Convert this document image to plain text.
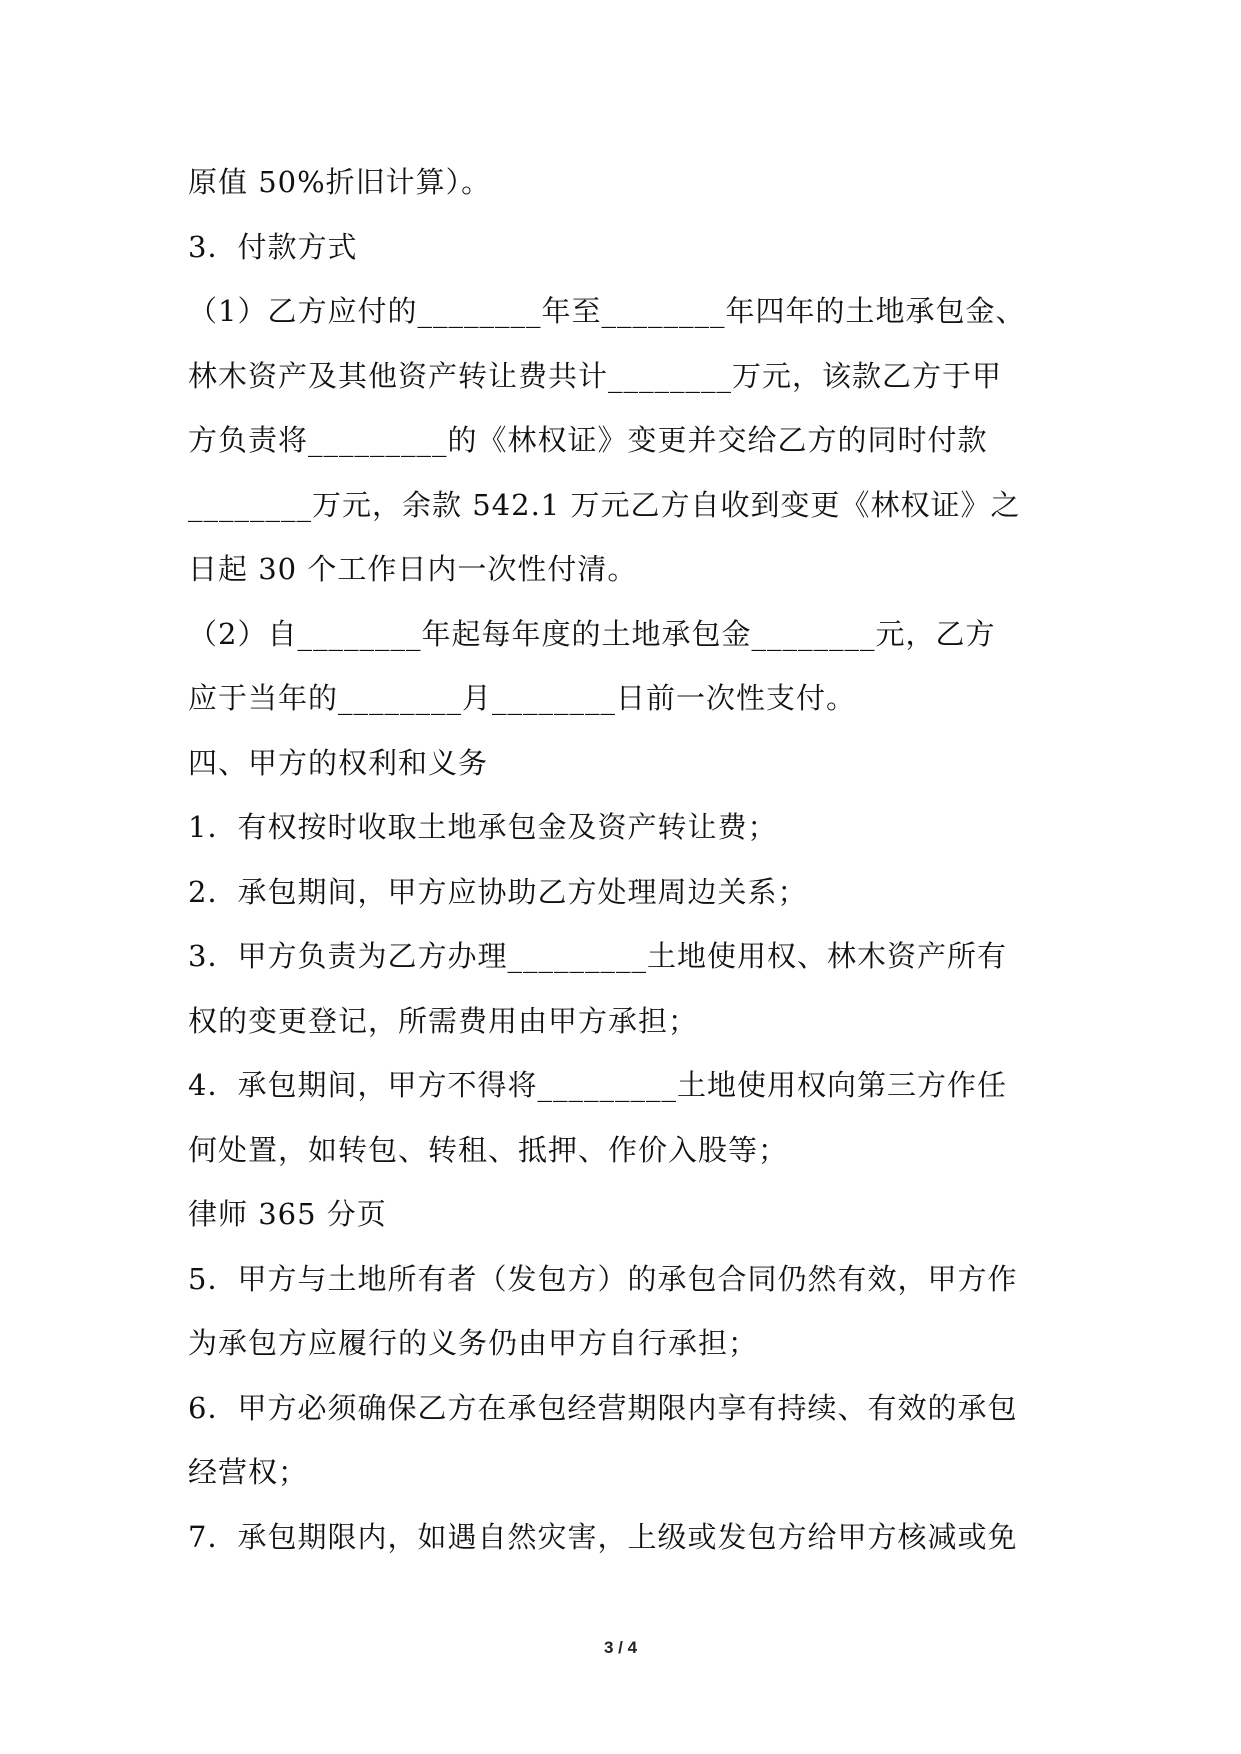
原值 50%折旧计算）。
3．付款方式
（1）乙方应付的________年至________年四年的土地承包金、
林木资产及其他资产转让费共计________万元，该款乙方于甲
方负责将_________的《林权证》变更并交给乙方的同时付款
________万元，余款 542.1 万元乙方自收到变更《林权证》之
日起 30 个工作日内一次性付清。
（2）自________年起每年度的土地承包金________元，乙方
应于当年的________月________日前一次性支付。
四、甲方的权利和义务
1．有权按时收取土地承包金及资产转让费；
2．承包期间，甲方应协助乙方处理周边关系；
3．甲方负责为乙方办理_________土地使用权、林木资产所有
权的变更登记，所需费用由甲方承担；
4．承包期间，甲方不得将_________土地使用权向第三方作任
何处置，如转包、转租、抵押、作价入股等；
律师 365 分页
5．甲方与土地所有者（发包方）的承包合同仍然有效，甲方作
为承包方应履行的义务仍由甲方自行承担；
6．甲方必须确保乙方在承包经营期限内享有持续、有效的承包
经营权；
7．承包期限内，如遇自然灾害，上级或发包方给甲方核减或免
3 / 4
